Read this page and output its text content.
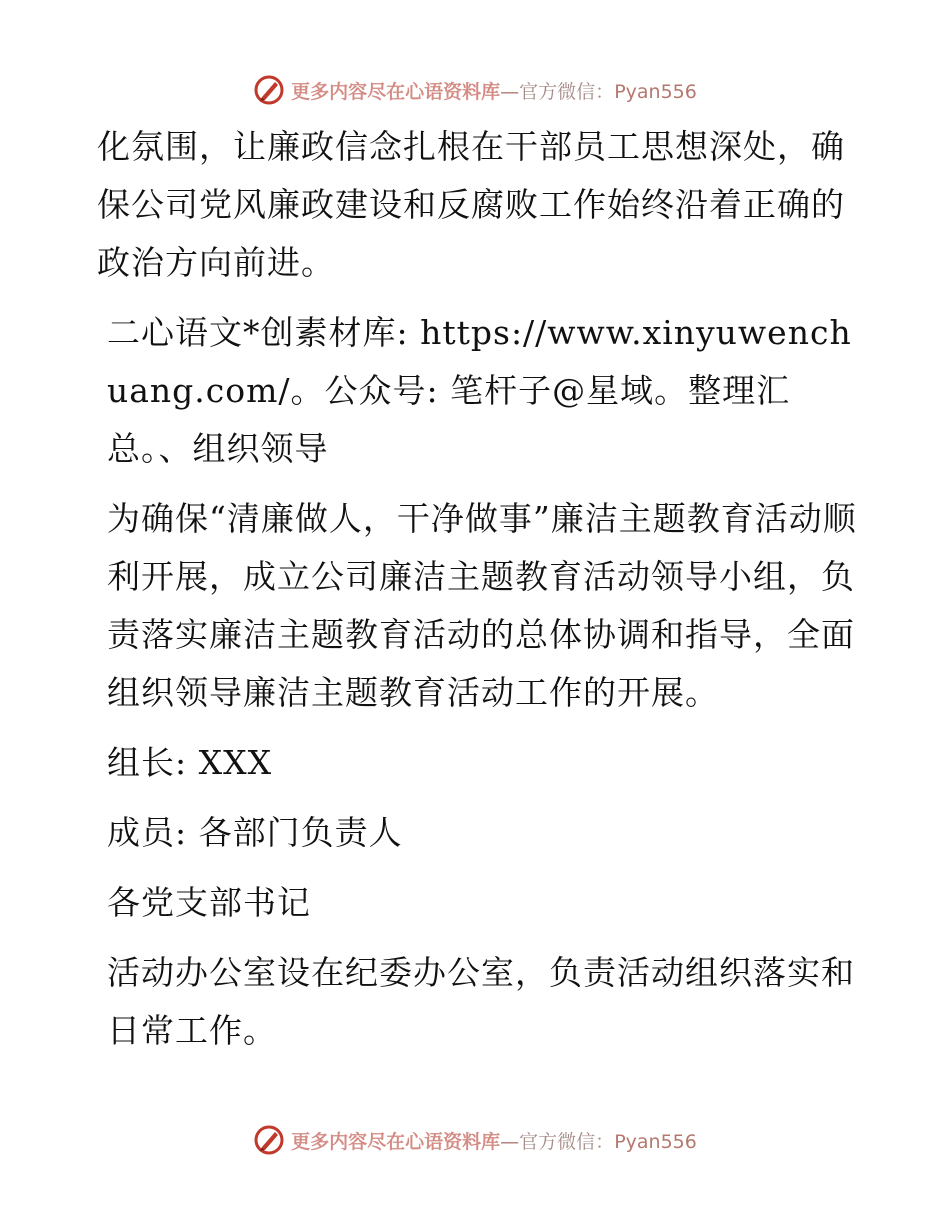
更多内容尽在心语资料库—官方微信：Pyan556

化氛围，让廉政信念扎根在干部员工思想深处，确保公司党风廉政建设和反腐败工作始终沿着正确的政治方向前进。

二心语文*创素材库: https://www.xinyuwenchuang.com/。公众号: 笔杆子@星域。整理汇总。、组织领导

为确保“清廉做人，干净做事”廉洁主题教育活动顺利开展，成立公司廉洁主题教育活动领导小组，负责落实廉洁主题教育活动的总体协调和指导，全面组织领导廉洁主题教育活动工作的开展。

组长: XXX

成员: 各部门负责人

各党支部书记

活动办公室设在纪委办公室，负责活动组织落实和日常工作。

更多内容尽在心语资料库—官方微信：Pyan556
